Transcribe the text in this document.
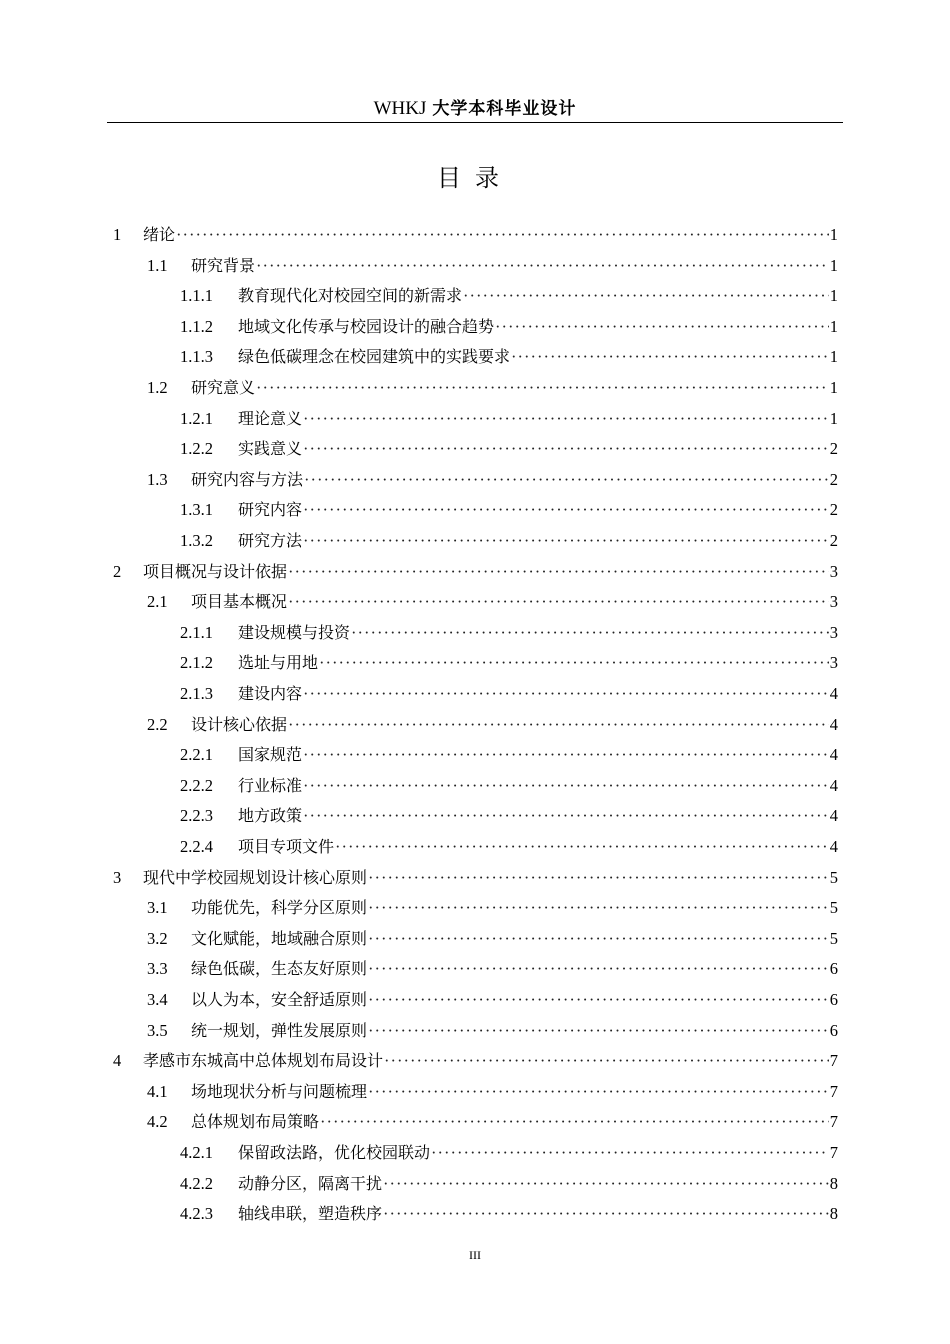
WHKJ 大学本科毕业设计
目录
1	绪论 ·····	1
1.1	研究背景 ·····	1
1.1.1	教育现代化对校园空间的新需求 ·····	1
1.1.2	地域文化传承与校园设计的融合趋势 ·····	1
1.1.3	绿色低碳理念在校园建筑中的实践要求 ·····	1
1.2	研究意义 ·····	1
1.2.1	理论意义 ·····	1
1.2.2	实践意义 ·····	2
1.3	研究内容与方法 ·····	2
1.3.1	研究内容 ·····	2
1.3.2	研究方法 ·····	2
2	项目概况与设计依据 ·····	3
2.1	项目基本概况 ·····	3
2.1.1	建设规模与投资 ·····	3
2.1.2	选址与用地 ·····	3
2.1.3	建设内容 ·····	4
2.2	设计核心依据 ·····	4
2.2.1	国家规范 ·····	4
2.2.2	行业标准 ·····	4
2.2.3	地方政策 ·····	4
2.2.4	项目专项文件 ·····	4
3	现代中学校园规划设计核心原则 ·····	5
3.1	功能优先，科学分区原则 ·····	5
3.2	文化赋能，地域融合原则 ·····	5
3.3	绿色低碳，生态友好原则 ·····	6
3.4	以人为本，安全舒适原则 ·····	6
3.5	统一规划，弹性发展原则 ·····	6
4	孝感市东城高中总体规划布局设计 ·····	7
4.1	场地现状分析与问题梳理 ·····	7
4.2	总体规划布局策略 ·····	7
4.2.1	保留政法路，优化校园联动 ·····	7
4.2.2	动静分区，隔离干扰 ·····	8
4.2.3	轴线串联，塑造秩序 ·····	8
III
